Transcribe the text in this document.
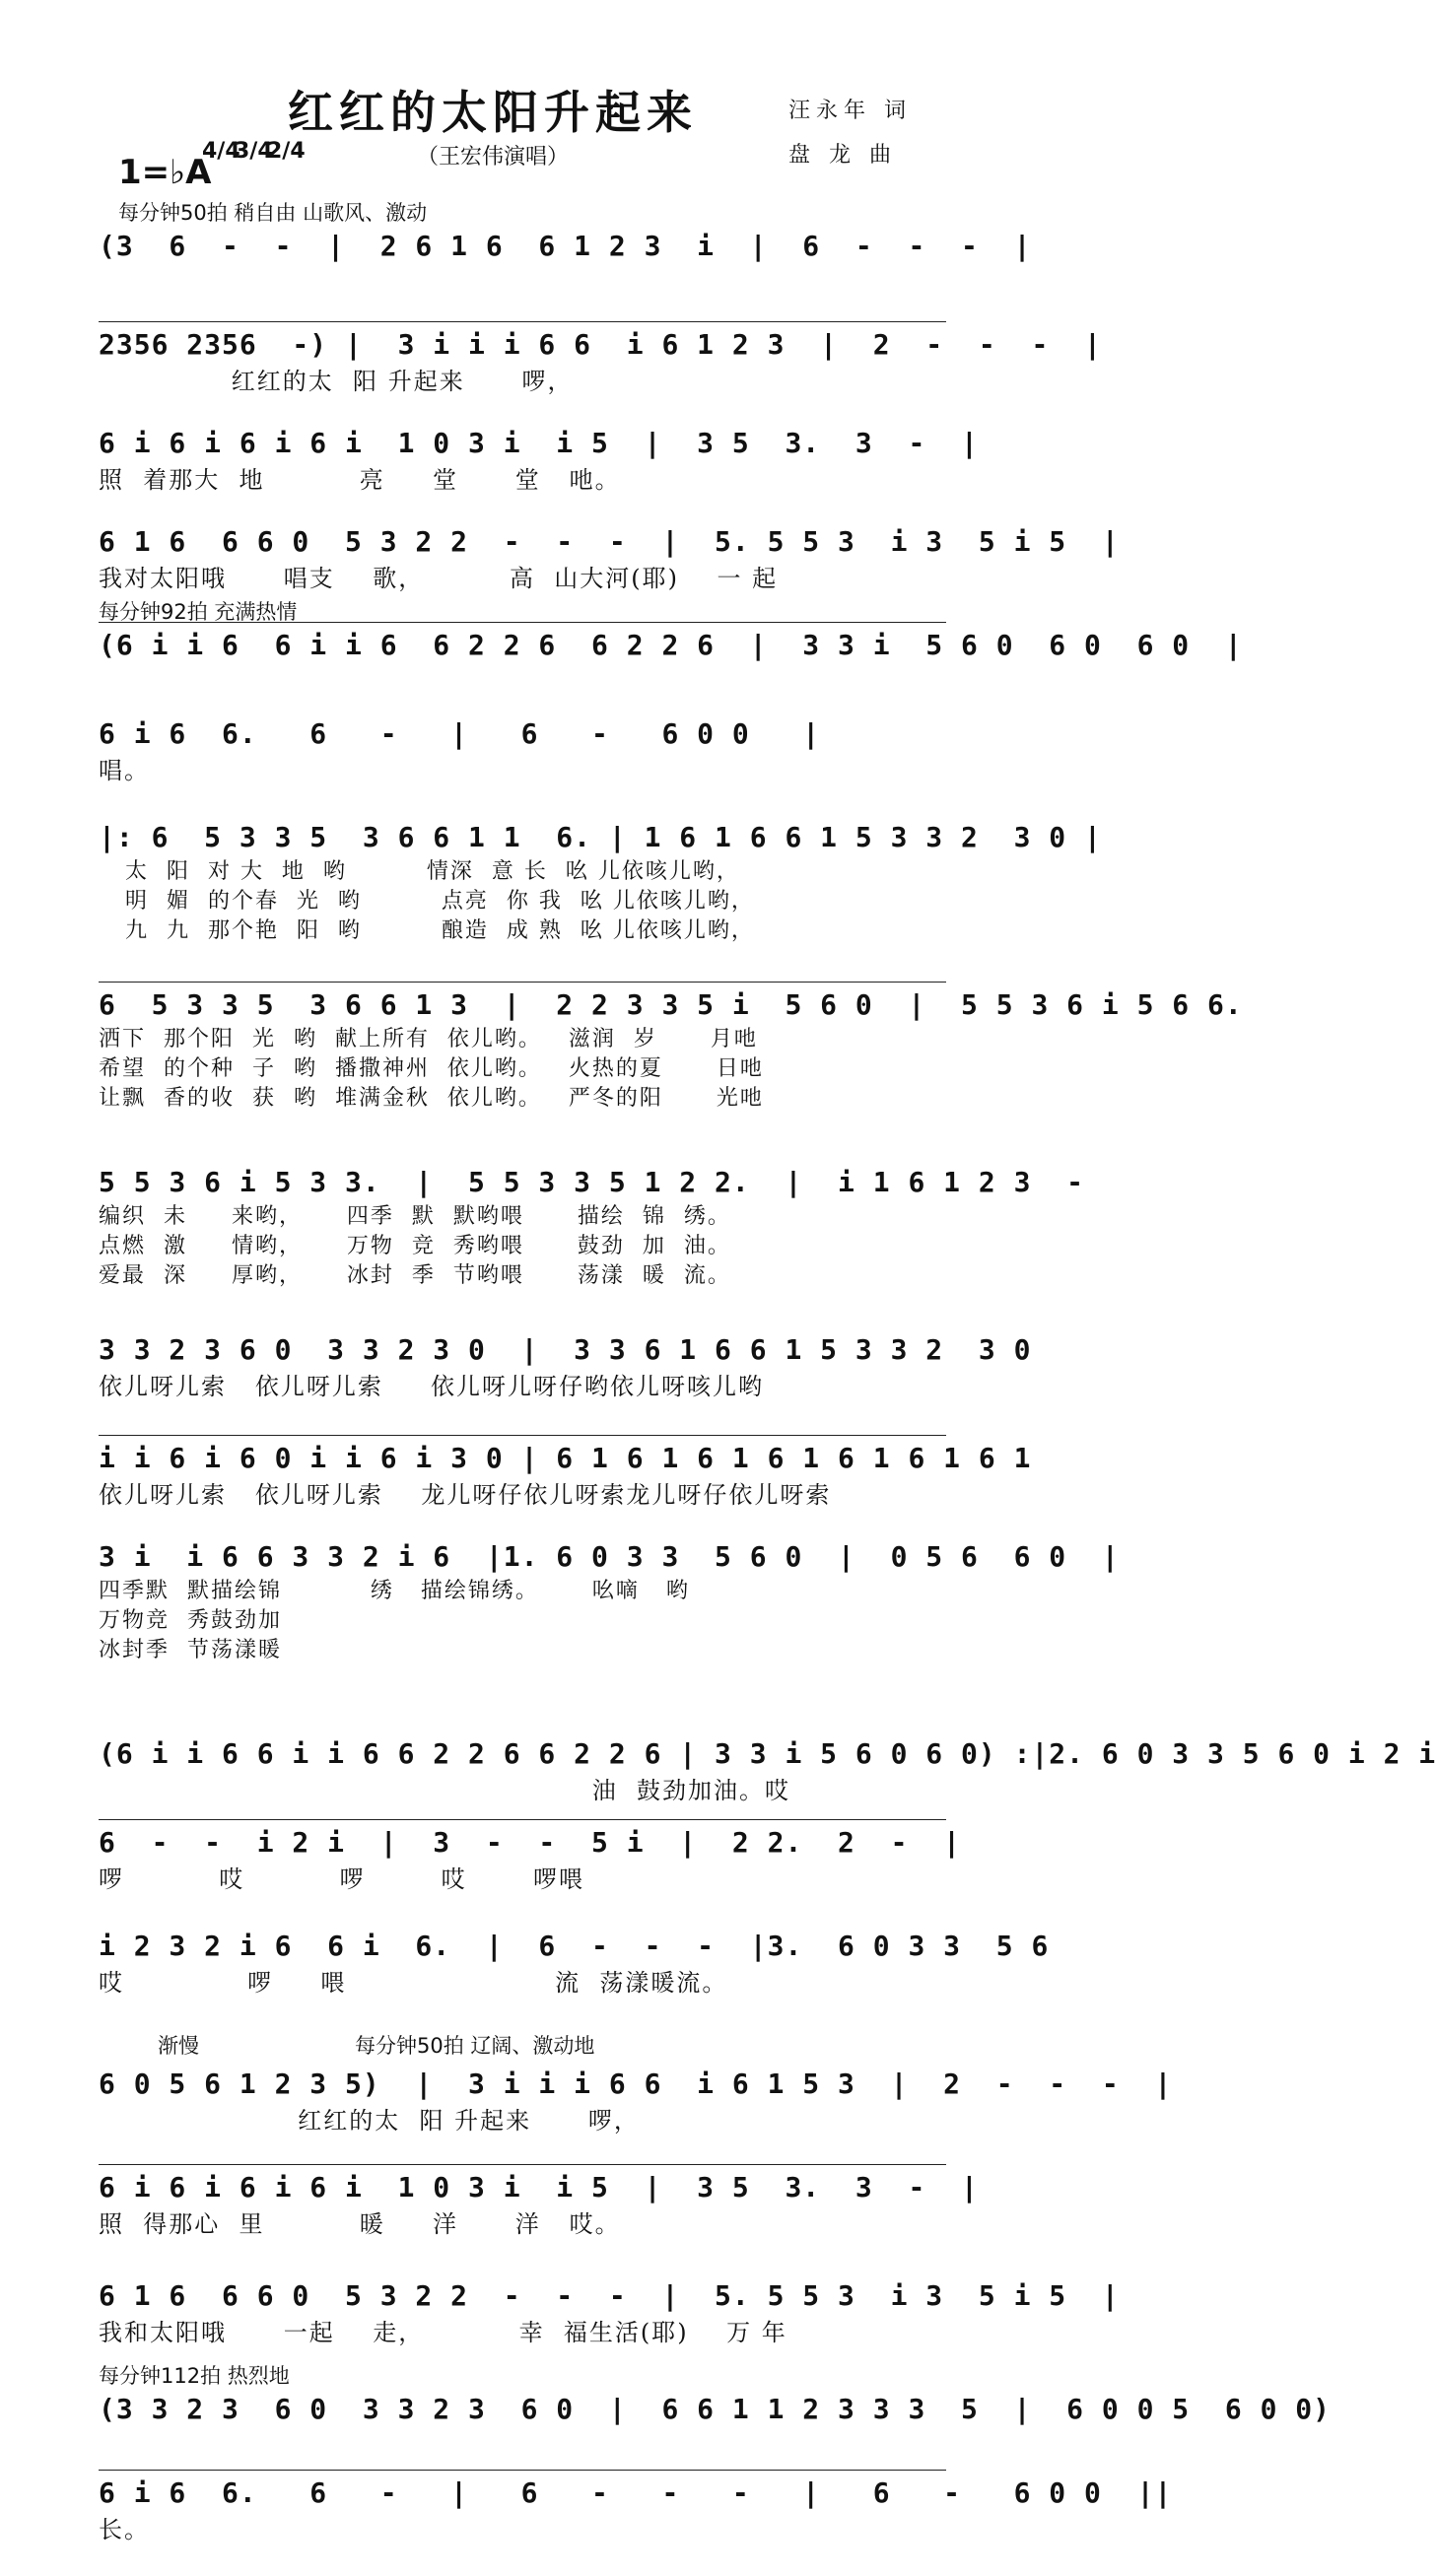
红红的太阳升起来
（王宏伟演唱）
汪永年 词
盘 龙 曲
1=♭A
4/4
3/4
2/4
每分钟50拍 稍自由 山歌风、激动
每分钟92拍 充满热情
每分钟50拍 辽阔、激动地
渐慢
每分钟112拍 热烈地
(3  6  -  -  |  2 6 1 6  6 1 2 3  i  |  6  -  -  -  |
2356 2356  -) |  3 i i i 6 6  i 6 1 2 3  |  2  -  -  -  |
红红的太  阳 升起来      啰，
6 i 6 i 6 i 6 i  1 0 3 i  i 5  |  3 5  3.  3  -  |
照  着那大  地          亮     堂      堂   吔。
6 1 6  6 6 0  5 3 2 2  -  -  -  |  5. 5 5 3  i 3  5 i 5  |
我对太阳哦      唱支    歌，         高  山大河(耶)    一 起
(6 i i 6  6 i i 6  6 2 2 6  6 2 2 6  |  3 3 i  5 6 0  6 0  6 0  |
6 i 6  6.   6   -   |   6   -   6 0 0   |
唱。
|: 6  5 3 3 5  3 6 6 1 1  6. | 1 6 1 6 6 1 5 3 3 2  3 0 |
太  阳  对 大  地  哟         情深  意 长  吆 儿依咳儿哟，
明  媚  的个春  光  哟         点亮  你 我  吆 儿依咳儿哟，
九  九  那个艳  阳  哟         酿造  成 熟  吆 儿依咳儿哟，
6  5 3 3 5  3 6 6 1 3  |  2 2 3 3 5 i  5 6 0  |  5 5 3 6 i 5 6 6.
洒下  那个阳  光  哟  献上所有  依儿哟。   滋润  岁      月吔
希望  的个种  子  哟  播撒神州  依儿哟。   火热的夏      日吔
让飘  香的收  获  哟  堆满金秋  依儿哟。   严冬的阳      光吔
5 5 3 6 i 5 3 3.  |  5 5 3 3 5 1 2 2.  |  i 1 6 1 2 3  -
编织  未     来哟，     四季  默  默哟喂      描绘  锦  绣。
点燃  激     情哟，     万物  竞  秀哟喂      鼓劲  加  油。
爱最  深     厚哟，     冰封  季  节哟喂      荡漾  暖  流。
3 3 2 3 6 0  3 3 2 3 0  |  3 3 6 1 6 6 1 5 3 3 2  3 0
依儿呀儿索   依儿呀儿索     依儿呀儿呀仔哟依儿呀咳儿哟
i i 6 i 6 0 i i 6 i 3 0 | 6 1 6 1 6 1 6 1 6 1 6 1 6 1
依儿呀儿索   依儿呀儿索    龙儿呀仔依儿呀索龙儿呀仔依儿呀索
3 i  i 6 6 3 3 2 i 6  |1. 6 0 3 3  5 6 0  |  0 5 6  6 0  |
四季默  默描绘锦          绣   描绘锦绣。      吆嘀   哟
万物竞  秀鼓劲加
冰封季  节荡漾暖
(6 i i 6 6 i i 6 6 2 2 6 6 2 2 6 | 3 3 i 5 6 0 6 0) :|2. 6 0 3 3 5 6 0 i 2 i
油  鼓劲加油。哎
6  -  -  i 2 i  |  3  -  -  5 i  |  2 2.  2  -  |
啰          哎          啰        哎       啰喂
i 2 3 2 i 6  6 i  6.  |  6  -  -  -  |3.  6 0 3 3  5 6
哎             啰     喂                      流  荡漾暖流。
6 0 5 6 1 2 3 5)  |  3 i i i 6 6  i 6 1 5 3  |  2  -  -  -  |
红红的太  阳 升起来      啰，
6 i 6 i 6 i 6 i  1 0 3 i  i 5  |  3 5  3.  3  -  |
照  得那心  里          暖     洋      洋   哎。
6 1 6  6 6 0  5 3 2 2  -  -  -  |  5. 5 5 3  i 3  5 i 5  |
我和太阳哦      一起    走，          幸  福生活(耶)    万 年
(3 3 2 3  6 0  3 3 2 3  6 0  |  6 6 1 1 2 3 3 3  5  |  6 0 0 5  6 0 0)
6 i 6  6.   6   -   |   6   -   -   -   |   6   -   6 0 0  ||
长。
